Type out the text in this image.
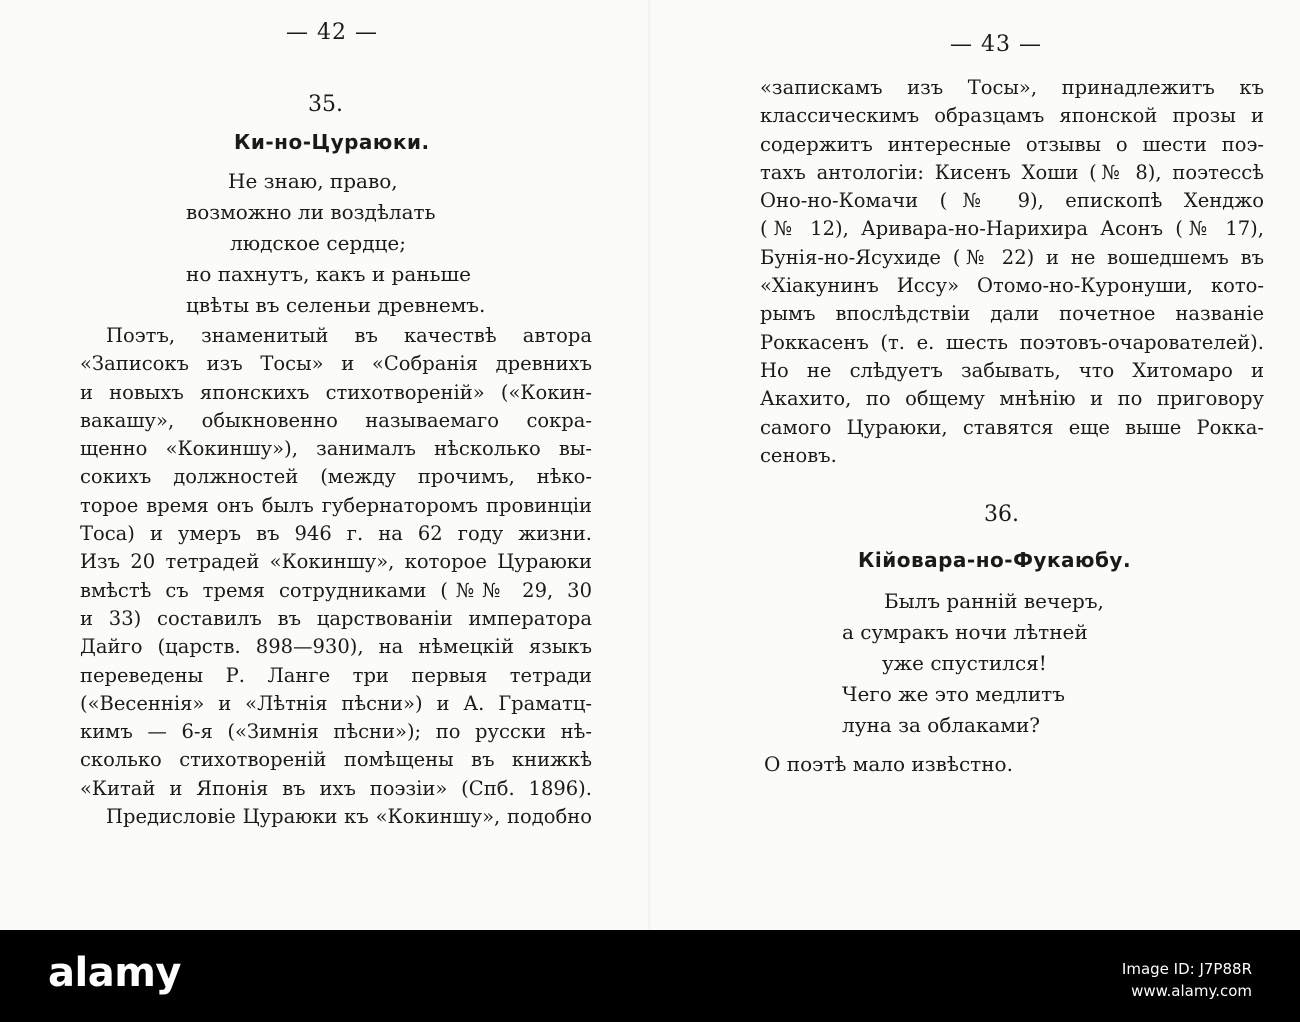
— 42 —
35.
Ки-но-Цураюки.
Не знаю, право,
возможно ли воздѣлать
людское сердце;
но пахнутъ, какъ и раньше
цвѣты въ селеньи древнемъ.
Поэтъ, знаменитый въ качествѣ автора
«Записокъ изъ Тосы» и «Собранія древнихъ
и новыхъ японскихъ стихотвореній» («Кокин-
вакашу», обыкновенно называемаго сокра-
щенно «Кокиншу»), занималъ нѣсколько вы-
сокихъ должностей (между прочимъ, нѣко-
торое время онъ былъ губернаторомъ провинціи
Тоса) и умеръ въ 946 г. на 62 году жизни.
Изъ 20 тетрадей «Кокиншу», которое Цураюки
вмѣстѣ съ тремя сотрудниками (№№ 29, 30
и 33) составилъ въ царствованіи императора
Дайго (царств. 898—930), на нѣмецкій языкъ
переведены Р. Ланге три первыя тетради
(«Весеннія» и «Лѣтнія пѣсни») и А. Граматц-
кимъ — 6-я («Зимнія пѣсни»); по русски нѣ-
сколько стихотвореній помѣщены въ книжкѣ
«Китай и Японія въ ихъ поэзіи» (Спб. 1896).
Предисловіе Цураюки къ «Кокиншу», подобно
— 43 —
«запискамъ изъ Тосы», принадлежитъ къ
классическимъ образцамъ японской прозы и
содержитъ интересные отзывы о шести поэ-
тахъ антологіи: Кисенъ Хоши (№ 8), поэтессѣ
Оно-но-Комачи (№ 9), епископѣ Хенджо
(№ 12), Аривара-но-Нарихира Асонъ (№ 17),
Бунія-но-Ясухиде (№ 22) и не вошедшемъ въ
«Хіакунинъ Иссу» Отомо-но-Куронуши, кото-
рымъ впослѣдствіи дали почетное названіе
Роккасенъ (т. е. шесть поэтовъ-очарователей).
Но не слѣдуетъ забывать, что Хитомаро и
Акахито, по общему мнѣнію и по приговору
самого Цураюки, ставятся еще выше Рокка-
сеновъ.
36.
Кійовара-но-Фукаюбу.
Былъ ранній вечеръ,
а сумракъ ночи лѣтней
уже спустился!
Чего же это медлитъ
луна за облаками?
О поэтѣ мало извѣстно.
alamy	Image ID: J7P88R
www.alamy.com
